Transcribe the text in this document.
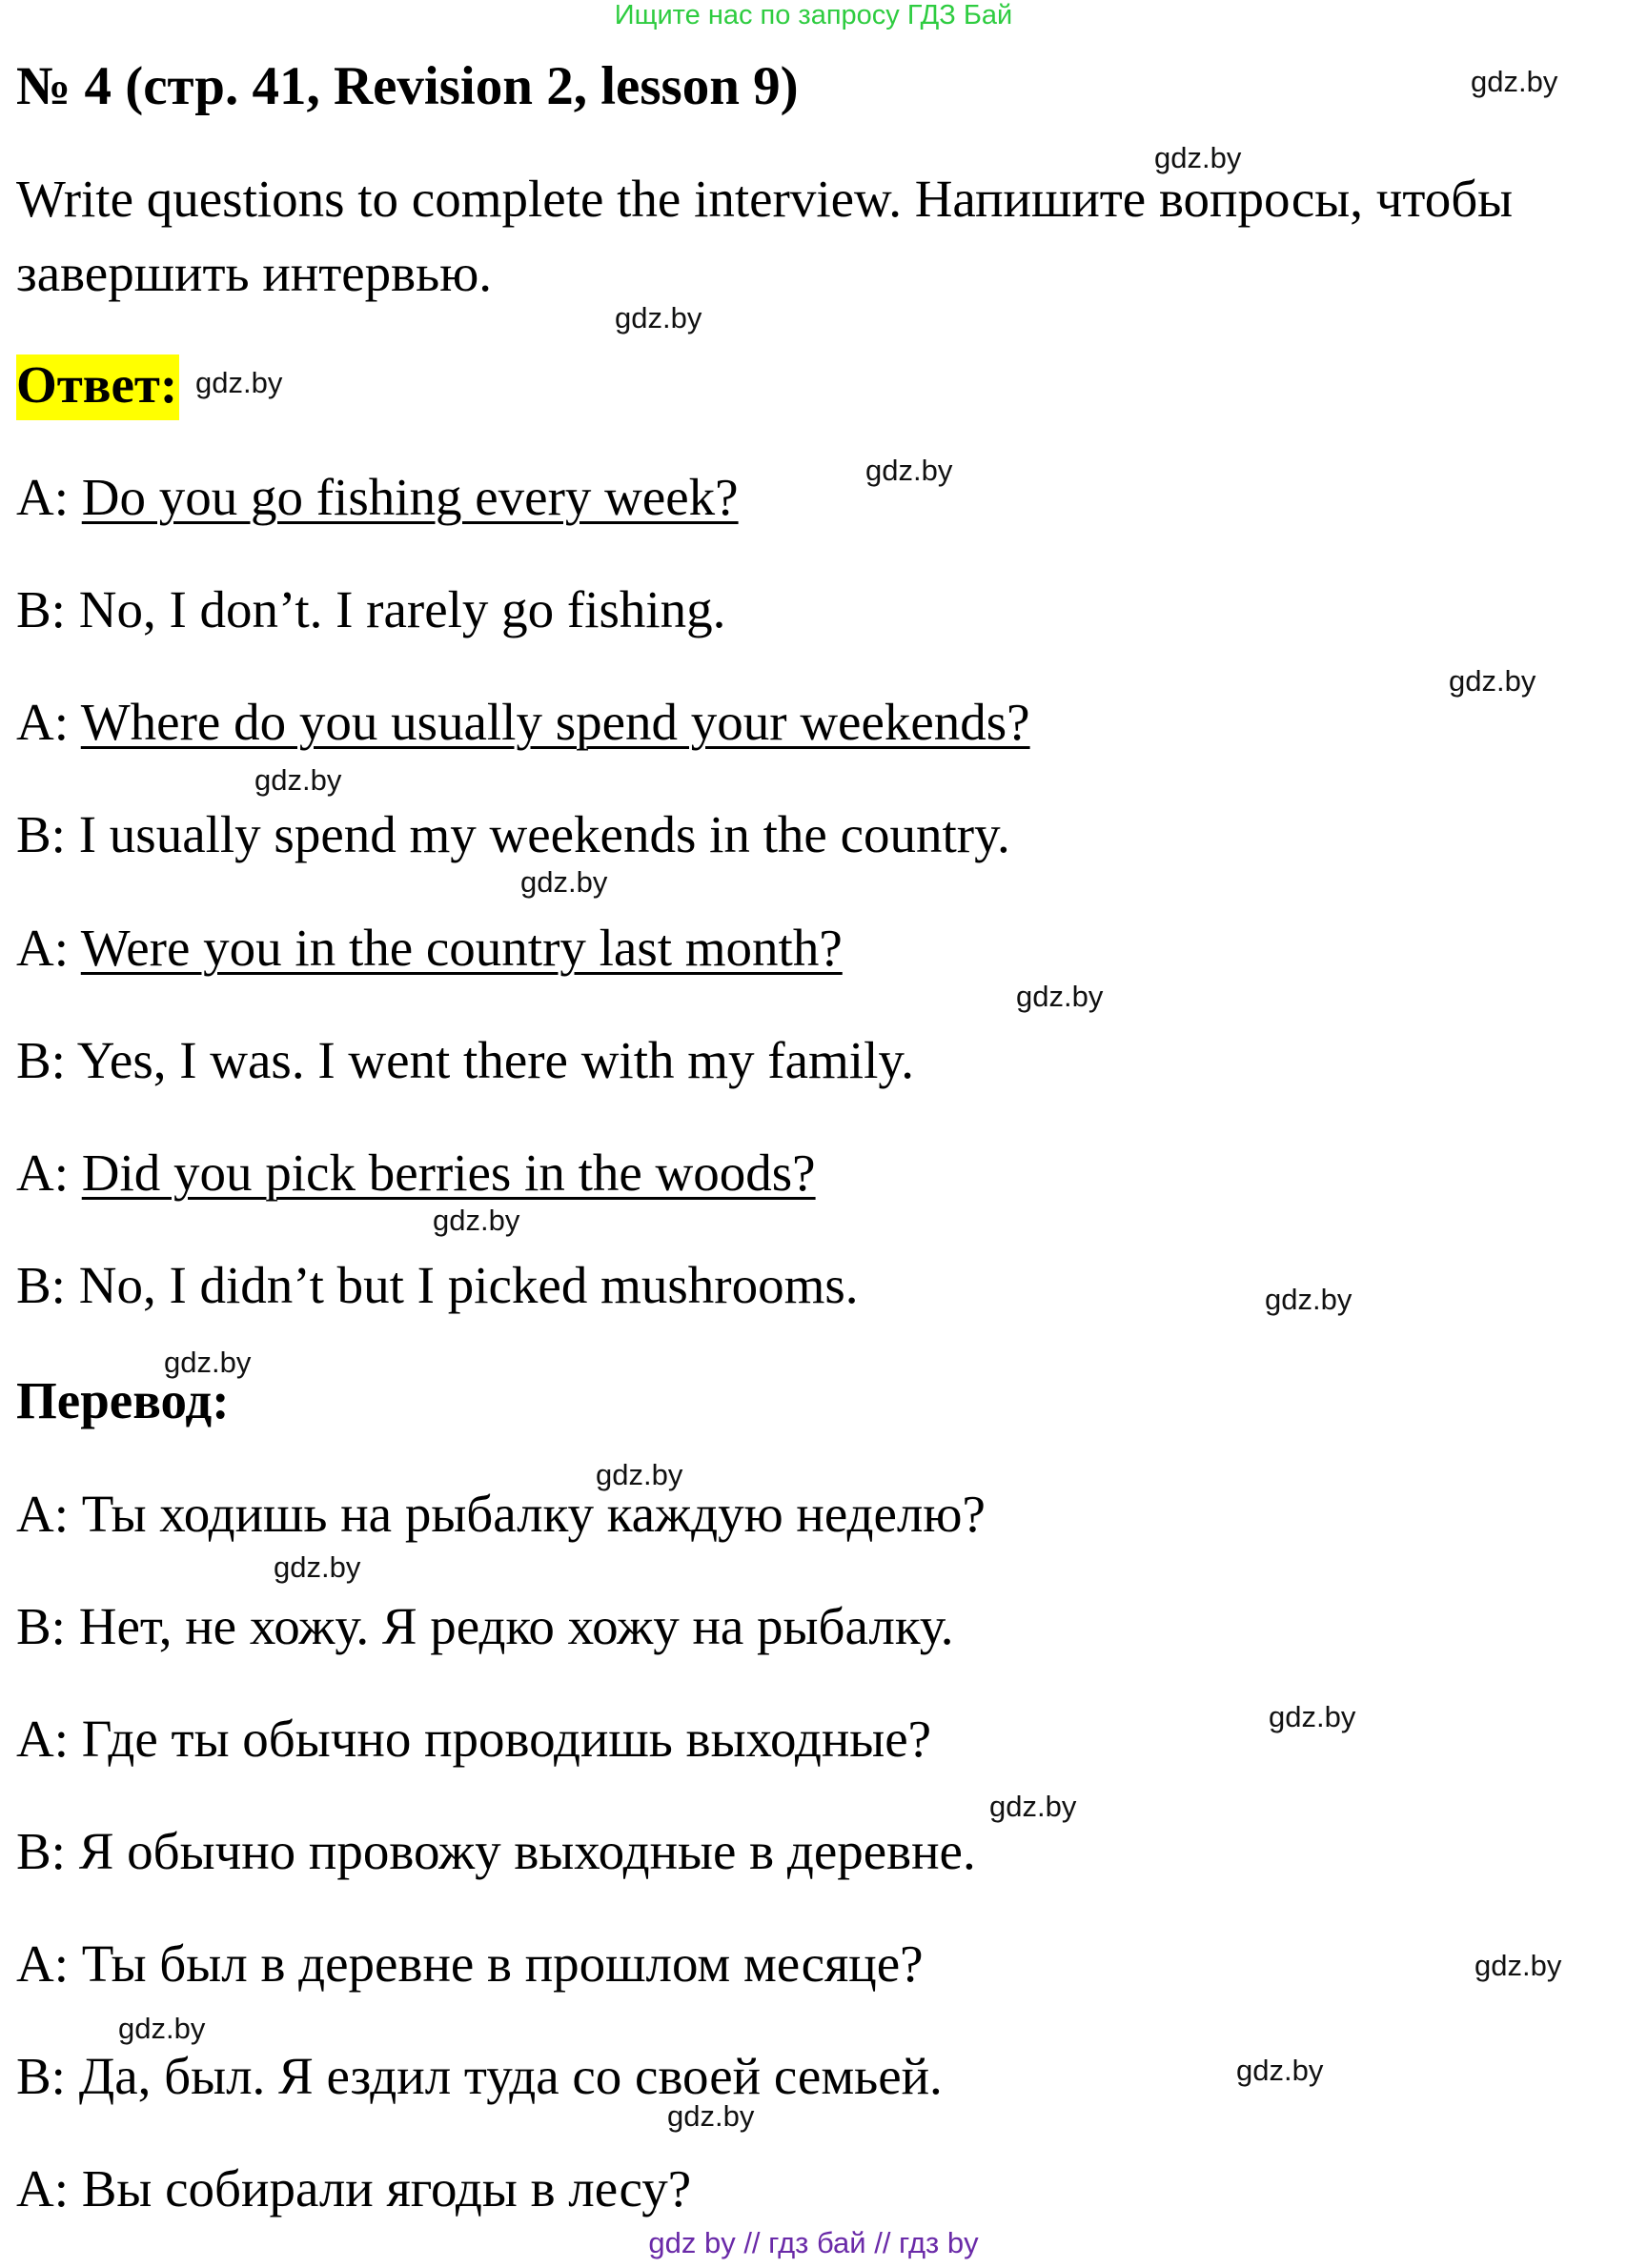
Ищите нас по запросу ГДЗ Бай
№ 4 (стр. 41, Revision 2, lesson 9)
Write questions to complete the interview. Напишите вопросы, чтобы завершить интервью.
Ответ:
A: Do you go fishing every week?
B: No, I don’t. I rarely go fishing.
A: Where do you usually spend your weekends?
B: I usually spend my weekends in the country.
A: Were you in the country last month?
B: Yes, I was. I went there with my family.
A: Did you pick berries in the woods?
B: No, I didn’t but I picked mushrooms.
Перевод:
A: Ты ходишь на рыбалку каждую неделю?
B: Нет, не хожу. Я редко хожу на рыбалку.
A: Где ты обычно проводишь выходные?
B: Я обычно провожу выходные в деревне.
A: Ты был в деревне в прошлом месяце?
B: Да, был. Я ездил туда со своей семьей.
A: Вы собирали ягоды в лесу?
gdz.by
gdz.by
gdz.by
gdz.by
gdz.by
gdz.by
gdz.by
gdz.by
gdz.by
gdz.by
gdz.by
gdz.by
gdz.by
gdz.by
gdz.by
gdz.by
gdz.by
gdz.by
gdz.by
gdz.by
gdz by // гдз бай // гдз by
